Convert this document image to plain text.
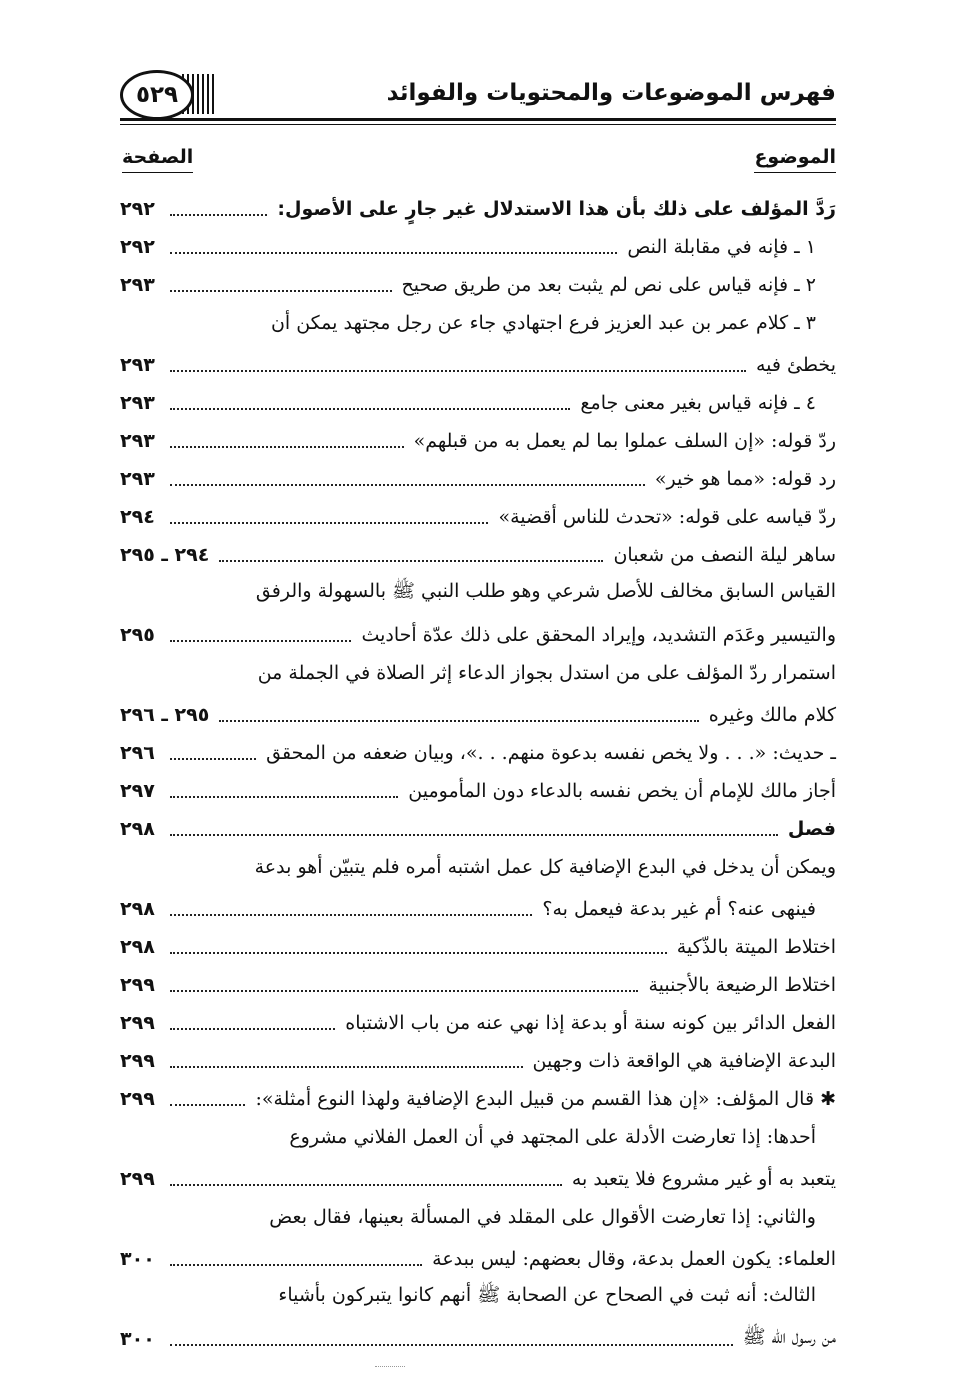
فهرس الموضوعات والمحتويات والفوائد
٥٢٩
الموضوع
الصفحة
رَدَّ المؤلف على ذلك بأن هذا الاستدلال غير جارٍ على الأصول:
٢٩٢
١ ـ فإنه في مقابلة النص
٢٩٢
٢ ـ فإنه قياس على نص لم يثبت بعد من طريق صحيح
٢٩٣
٣ ـ كلام عمر بن عبد العزيز فرع اجتهادي جاء عن رجل مجتهد يمكن أن
يخطئ فيه
٢٩٣
٤ ـ فإنه قياس بغير معنى جامع
٢٩٣
ردّ قوله: «إن السلف عملوا بما لم يعمل به من قبلهم»
٢٩٣
رد قوله: «مما هو خير»
٢٩٣
ردّ قياسه على قوله: «تحدث للناس أقضية»
٢٩٤
ساهر ليلة النصف من شعبان
٢٩٤ ـ ٢٩٥
القياس السابق مخالف للأصل شرعي وهو طلب النبي ﷺ بالسهولة والرفق
والتيسير وعَدَم التشديد، وإيراد المحقق على ذلك عدّة أحاديث
٢٩٥
استمرار ردّ المؤلف على من استدل بجواز الدعاء إثر الصلاة في الجملة من
كلام مالك وغيره
٢٩٥ ـ ٢٩٦
ـ حديث: «. . . ولا يخص نفسه بدعوة منهم. . .»، وبيان ضعفه من المحقق
٢٩٦
أجاز مالك للإمام أن يخص نفسه بالدعاء دون المأمومين
٢٩٧
فصل
٢٩٨
ويمكن أن يدخل في البدع الإضافية كل عمل اشتبه أمره فلم يتبيّن أهو بدعة
فينهى عنه؟ أم غير بدعة فيعمل به؟
٢٩٨
اختلاط الميتة بالذّكية
٢٩٨
اختلاط الرضيعة بالأجنبية
٢٩٩
الفعل الدائر بين كونه سنة أو بدعة إذا نهي عنه من باب الاشتباه
٢٩٩
البدعة الإضافية هي الواقعة ذات وجهين
٢٩٩
✱ قال المؤلف: «إن هذا القسم من قبيل البدع الإضافية ولهذا النوع أمثلة»:
٢٩٩
أحدها: إذا تعارضت الأدلة على المجتهد في أن العمل الفلاني مشروع
يتعبد به أو غير مشروع فلا يتعبد به
٢٩٩
والثاني: إذا تعارضت الأقوال على المقلد في المسألة بعينها، فقال بعض
العلماء: يكون العمل بدعة، وقال بعضهم: ليس ببدعة
٣٠٠
الثالث: أنه ثبت في الصحاح عن الصحابة ﷺ أنهم كانوا يتبركون بأشياء
من رسول الله ﷺ
٣٠٠
